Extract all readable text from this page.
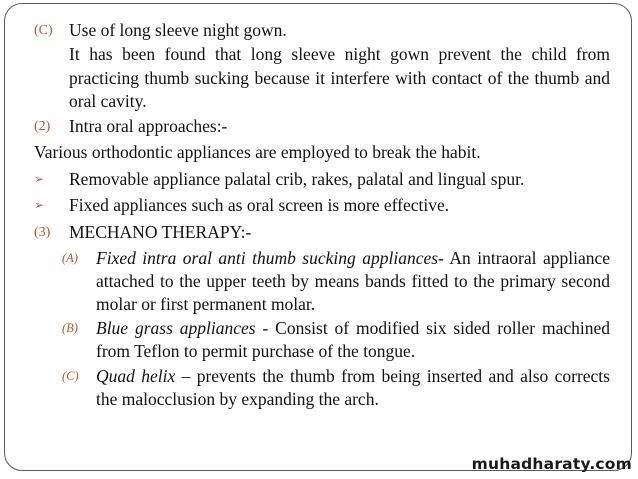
(C) Use of long sleeve night gown.
It has been found that long sleeve night gown prevent the child from practicing thumb sucking because it interfere with contact of the thumb and oral cavity.
(2) Intra oral approaches:-
Various orthodontic appliances are employed to break the habit.
➢ Removable appliance palatal crib, rakes, palatal and lingual spur.
➢ Fixed appliances such as oral screen is more effective.
(3) MECHANO THERAPY:-
(A) Fixed intra oral anti thumb sucking appliances- An intraoral appliance attached to the upper teeth by means bands fitted to the primary second molar or first permanent molar.
(B) Blue grass appliances - Consist of modified six sided roller machined from Teflon to permit purchase of the tongue.
(C) Quad helix – prevents the thumb from being inserted and also corrects the malocclusion by expanding the arch.
muhadharaty.com
